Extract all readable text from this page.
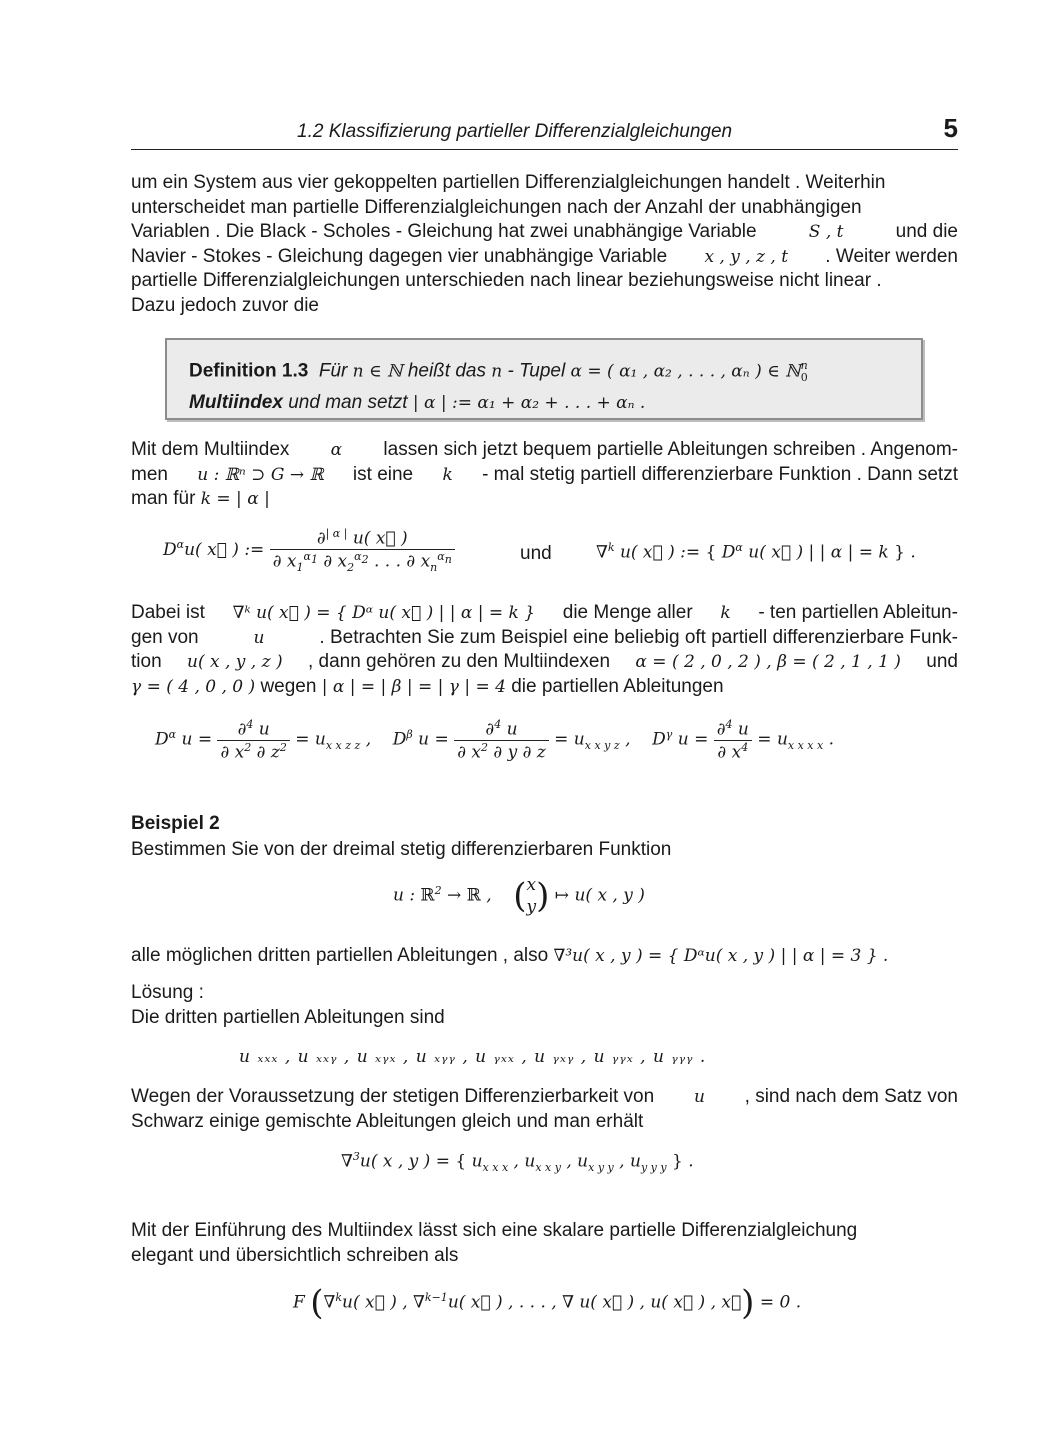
1.2 Klassifizierung partieller Differenzialgleichungen	5
um ein System aus vier gekoppelten partiellen Differenzialgleichungen handelt . Weiterhin
unterscheidet man partielle Differenzialgleichungen nach der Anzahl der unabhängigen
Variablen . Die Black - Scholes - Gleichung hat zwei unabhängige Variable	S , t	und die
Navier - Stokes - Gleichung dagegen vier unabhängige Variable x , y , z , t . Weiter werden
partielle Differenzialgleichungen unterschieden nach linear beziehungsweise nicht linear .
Dazu jedoch zuvor die
Definition 1.3 Für n ∈ ℕ heißt das n - Tupel α = ( α₁ , α₂ , . . . , αₙ ) ∈ ℕ$^n_0$
Multiindex und man setzt | α | := α₁ + α₂ + . . . + αₙ .
Mit dem Multiindex α lassen sich jetzt bequem partielle Ableitungen schreiben . Angenom-
men u : ℝⁿ ⊃ G → ℝ ist eine k - mal stetig partiell differenzierbare Funktion . Dann setzt
man für k = | α |
$D^\alpha u$( x⃗ ) := $\frac{\partial^{| \alpha |} u( x⃗ )}{\partial x_1^{\alpha_1} \partial x_2^{\alpha_2} . . . \partial x_n^{\alpha_n}}$	und	∇$^k$ u( x⃗ ) := { $D^\alpha$ u( x⃗ ) | | α | = k } .
Dabei ist ∇ᵏ u( x⃗ ) = { Dᵅ u( x⃗ ) | | α | = k } die Menge aller k - ten partiellen Ableitun-
gen von	u	. Betrachten Sie zum Beispiel eine beliebig oft partiell differenzierbare Funk-
tion u( x , y , z ) , dann gehören zu den Multiindexen α = ( 2 , 0 , 2 ) , β = ( 2 , 1 , 1 ) und
γ = ( 4 , 0 , 0 ) wegen | α | = | β | = | γ | = 4 die partiellen Ableitungen
$D^\alpha$ $u = \frac{\partial^4 u}{\partial x^2 \partial z^2} = u_{x x z z}$ ,    $D^\beta$ $u = \frac{\partial^4 u}{\partial x^2 \partial y \partial z} = u_{x x y z}$ ,    $D^\gamma$ $u = \frac{\partial^4 u}{\partial x^4} = u_{x x x x}$ .
Beispiel 2
Bestimmen Sie von der dreimal stetig differenzierbaren Funktion
u : ℝ$^2$ → ℝ ,    ( x
y ) ↦ u( x , y )
alle möglichen dritten partiellen Ableitungen , also ∇³u( x , y ) = { Dᵅu( x , y ) | | α | = 3 } .
Lösung :
Die dritten partiellen Ableitungen sind
u ₓₓₓ , u ₓₓᵧ , u ₓᵧₓ , u ₓᵧᵧ , u ᵧₓₓ , u ᵧₓᵧ , u ᵧᵧₓ , u ᵧᵧᵧ .
Wegen der Voraussetzung der stetigen Differenzierbarkeit von u , sind nach dem Satz von
Schwarz einige gemischte Ableitungen gleich und man erhält
∇$^3$u( x , y ) = { $u_{x x x}$ , $u_{x x y}$ , $u_{x y y}$ , $u_{y y y}$ } .
Mit der Einführung des Multiindex lässt sich eine skalare partielle Differenzialgleichung
elegant und übersichtlich schreiben als
F (∇$^k$u( x⃗ ) , ∇$^{k-1}$u( x⃗ ) , . . . , ∇ u( x⃗ ) , u( x⃗ ) , x⃗) = 0 .
